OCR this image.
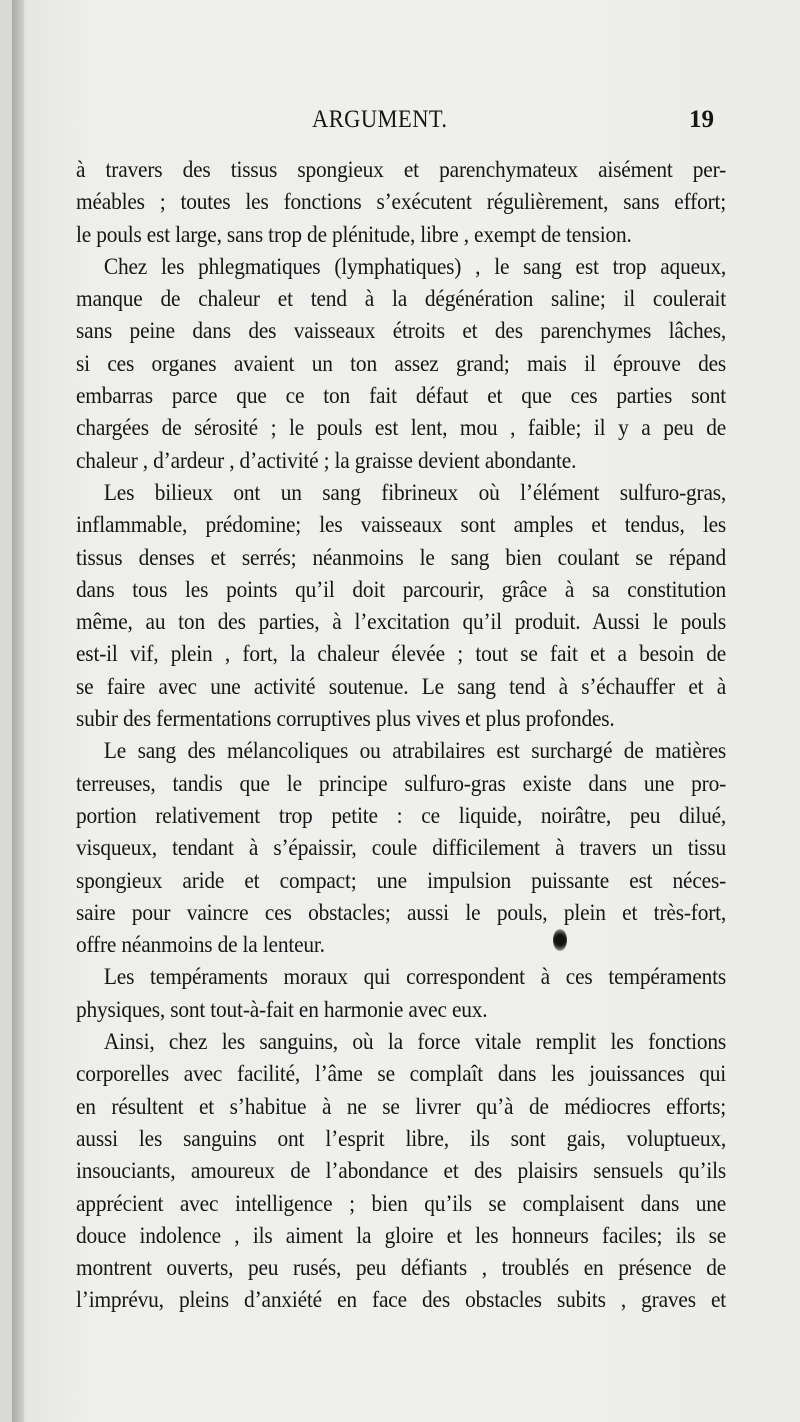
ARGUMENT.	19
à travers des tissus spongieux et parenchymateux aisément per-
méables ; toutes les fonctions s’exécutent régulièrement, sans effort;
le pouls est large, sans trop de plénitude, libre , exempt de tension.
Chez les phlegmatiques (lymphatiques) , le sang est trop aqueux,
manque de chaleur et tend à la dégénération saline; il coulerait
sans peine dans des vaisseaux étroits et des parenchymes lâches,
si ces organes avaient un ton assez grand; mais il éprouve des
embarras parce que ce ton fait défaut et que ces parties sont
chargées de sérosité ; le pouls est lent, mou , faible; il y a peu de
chaleur , d’ardeur , d’activité ; la graisse devient abondante.
Les bilieux ont un sang fibrineux où l’élément sulfuro-gras,
inflammable, prédomine; les vaisseaux sont amples et tendus, les
tissus denses et serrés; néanmoins le sang bien coulant se répand
dans tous les points qu’il doit parcourir, grâce à sa constitution
même, au ton des parties, à l’excitation qu’il produit. Aussi le pouls
est-il vif, plein , fort, la chaleur élevée ; tout se fait et a besoin de
se faire avec une activité soutenue. Le sang tend à s’échauffer et à
subir des fermentations corruptives plus vives et plus profondes.
Le sang des mélancoliques ou atrabilaires est surchargé de matières
terreuses, tandis que le principe sulfuro-gras existe dans une pro-
portion relativement trop petite : ce liquide, noirâtre, peu dilué,
visqueux, tendant à s’épaissir, coule difficilement à travers un tissu
spongieux aride et compact; une impulsion puissante est néces-
saire pour vaincre ces obstacles; aussi le pouls, plein et très-fort,
offre néanmoins de la lenteur.
Les tempéraments moraux qui correspondent à ces tempéraments
physiques, sont tout-à-fait en harmonie avec eux.
Ainsi, chez les sanguins, où la force vitale remplit les fonctions
corporelles avec facilité, l’âme se complaît dans les jouissances qui
en résultent et s’habitue à ne se livrer qu’à de médiocres efforts;
aussi les sanguins ont l’esprit libre, ils sont gais, voluptueux,
insouciants, amoureux de l’abondance et des plaisirs sensuels qu’ils
apprécient avec intelligence ; bien qu’ils se complaisent dans une
douce indolence , ils aiment la gloire et les honneurs faciles; ils se
montrent ouverts, peu rusés, peu défiants , troublés en présence de
l’imprévu, pleins d’anxiété en face des obstacles subits , graves et
